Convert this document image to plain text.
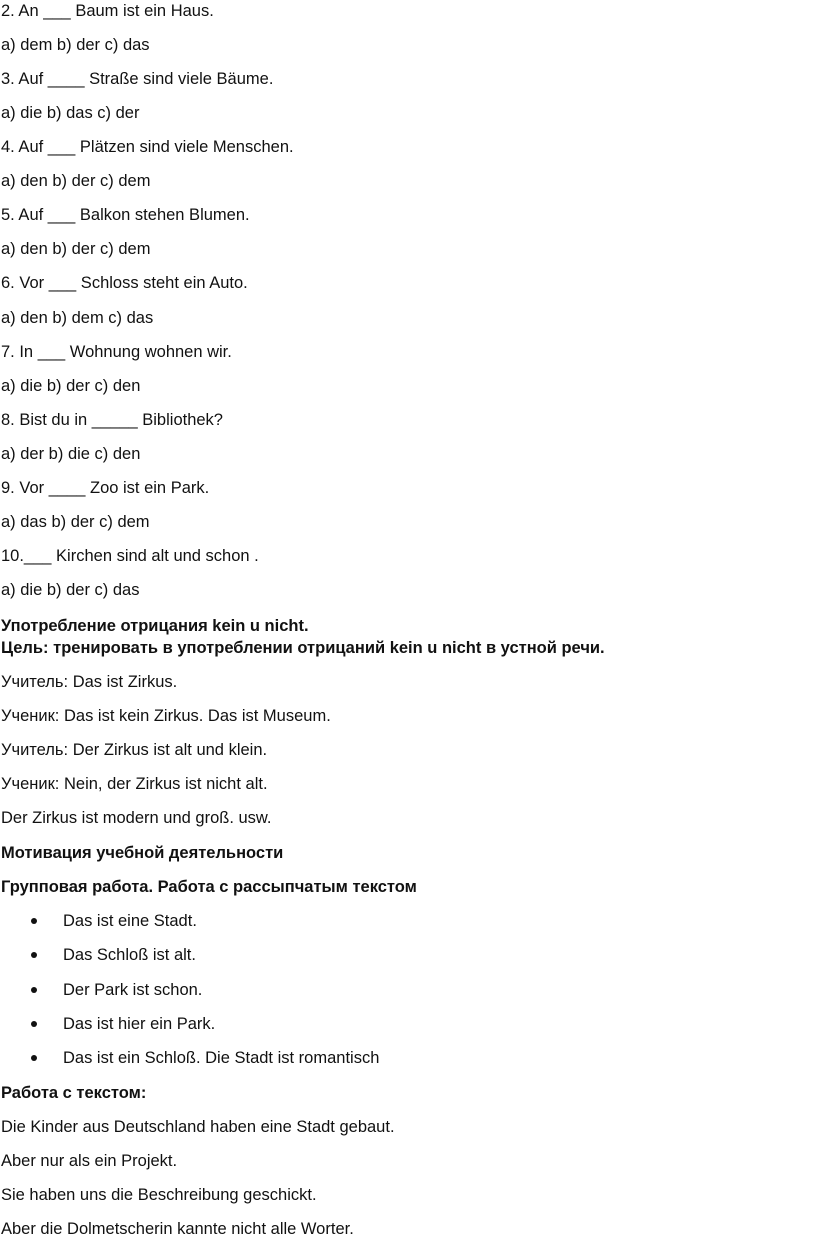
2. An ___ Baum ist ein Haus.
a) dem b) der c) das
3. Auf ____ Straße sind viele Bäume.
a) die b) das c) der
4. Auf ___ Plätzen sind viele Menschen.
a) den b) der c) dem
5. Auf ___ Balkon stehen Blumen.
a) den b) der c) dem
6. Vor ___ Schloss steht ein Auto.
a) den b) dem c) das
7. In ___ Wohnung wohnen wir.
a) die b) der c) den
8. Bist du in _____ Bibliothek?
a) der b) die c) den
9. Vor ____ Zoo ist ein Park.
a) das b) der c) dem
10.___ Kirchen sind alt und schon .
a) die b) der c) das
Употребление отрицания kein u nicht.
Цель: тренировать в употреблении отрицаний kein u nicht в устной речи.
Учитель: Das ist Zirkus.
Ученик: Das ist kein Zirkus. Das ist Museum.
Учитель: Der Zirkus ist alt und klein.
Ученик: Nein, der Zirkus ist nicht alt.
Der Zirkus ist modern und groß. usw.
Мотивация учебной деятельности
Групповая работа. Работа с рассыпчатым текстом

Das ist eine Stadt.

Das Schloß ist alt.

Der Park ist schon.

Das ist hier ein Park.

Das ist ein Schloß. Die Stadt ist romantisch

Работа с текстом:
Die Kinder aus Deutschland haben eine Stadt gebaut.
Aber nur als ein Projekt.
Sie haben uns die Beschreibung geschickt.
Aber die Dolmetscherin kannte nicht alle Worter.
